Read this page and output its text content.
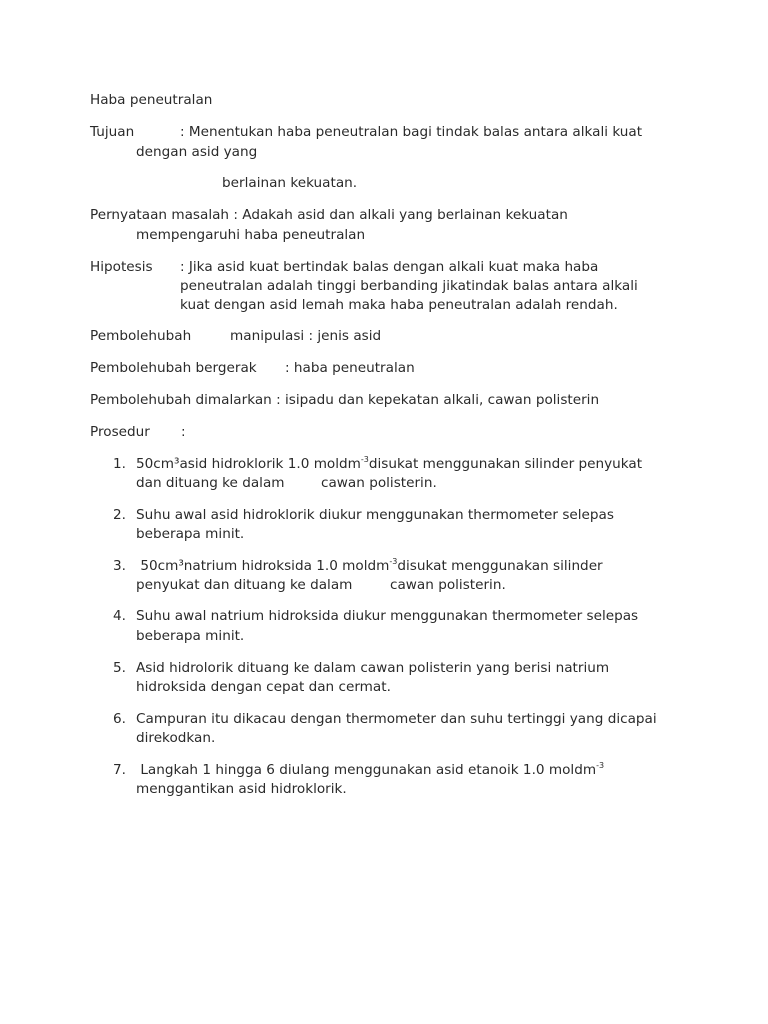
Haba peneutralan
Tujuan	: Menentukan haba peneutralan bagi tindak balas antara alkali kuat
dengan asid yang
berlainan kekuatan.
Pernyataan masalah : Adakah asid dan alkali yang berlainan kekuatan
mempengaruhi haba peneutralan
Hipotesis : Jika asid kuat bertindak balas dengan alkali kuat maka haba
peneutralan adalah tinggi berbanding jikatindak balas antara alkali
kuat dengan asid lemah maka haba peneutralan adalah rendah.
Pembolehubah	manipulasi : jenis asid
Pembolehubah bergerak : haba peneutralan
Pembolehubah dimalarkan : isipadu dan kepekatan alkali, cawan polisterin
Prosedur :
1. 50cm³asid hidroklorik 1.0 moldm$^{-3}$disukat menggunakan silinder penyukat
dan dituang ke dalam	cawan polisterin.
2. Suhu awal asid hidroklorik diukur menggunakan thermometer selepas
beberapa minit.
3. 50cm³natrium hidroksida 1.0 moldm$^{-3}$disukat menggunakan silinder
penyukat dan dituang ke dalam	cawan polisterin.
4. Suhu awal natrium hidroksida diukur menggunakan thermometer selepas
beberapa minit.
5. Asid hidrolorik dituang ke dalam cawan polisterin yang berisi natrium
hidroksida dengan cepat dan cermat.
6. Campuran itu dikacau dengan thermometer dan suhu tertinggi yang dicapai
direkodkan.
7. Langkah 1 hingga 6 diulang menggunakan asid etanoik 1.0 moldm$^{-3}$
menggantikan asid hidroklorik.
